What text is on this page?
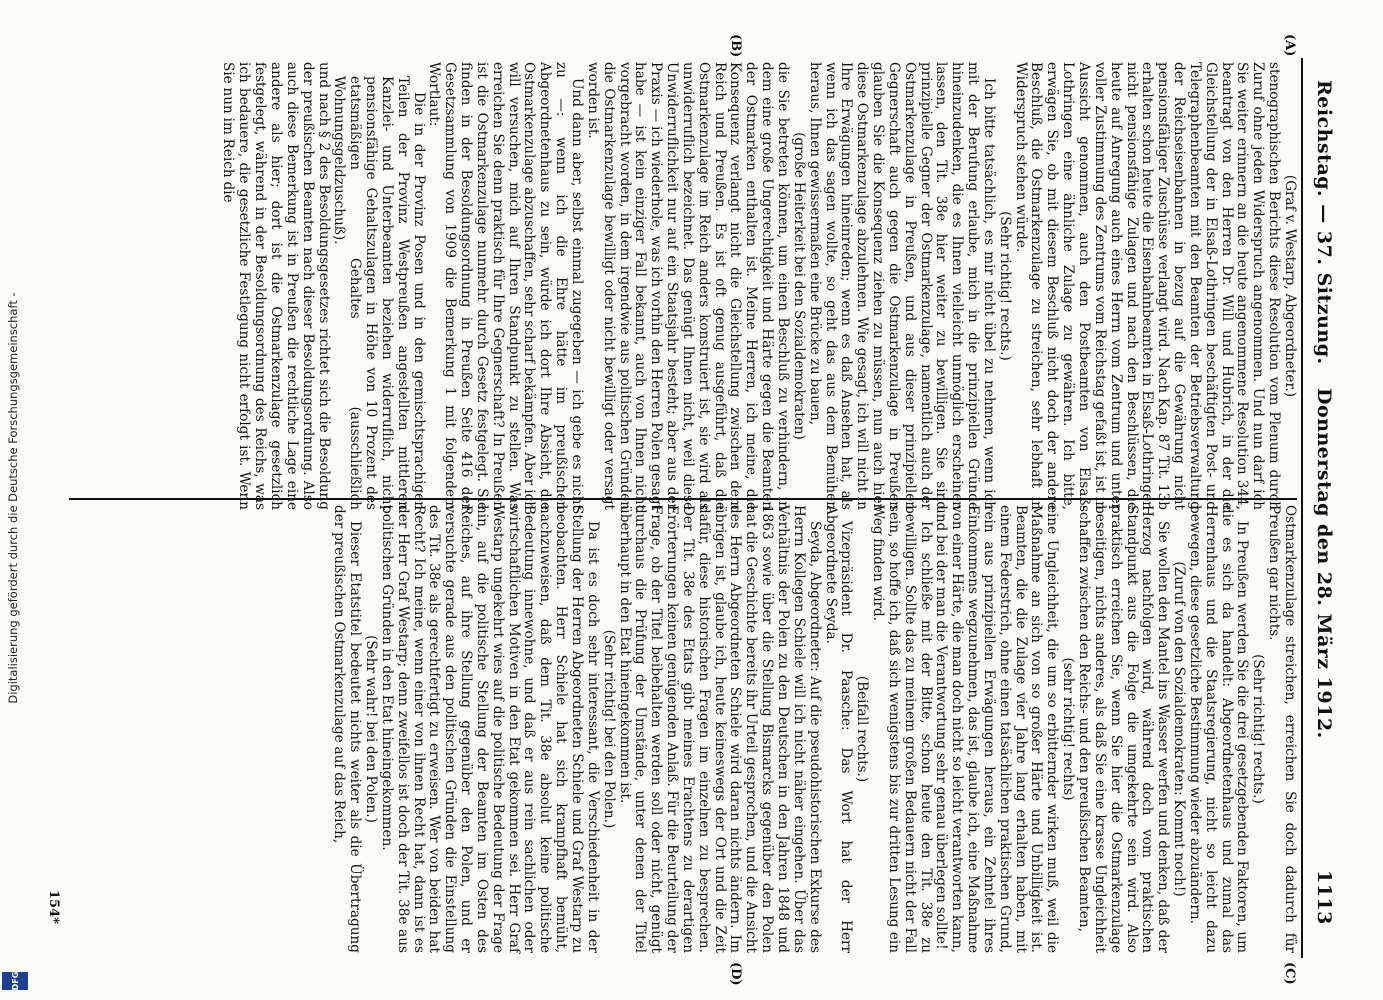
Digitalisierung gefördert durch die Deutsche Forschungsgemeinschaft -
DFG
Reichstag. — 37. Sitzung.
Donnerstag den 28. März 1912.
1113
(A)
(B)
(C)
(D)

(Graf v. Westarp, Abgeordneter.)

stenographischen Berichts diese Resolution vom Plenum durch Zuruf ohne jeden Widerspruch angenommen. Und nun darf ich Sie weiter erinnern an die heute angenommene Resolution 344, beantragt von den Herren Dr. Will und Hubrich, in der die Gleichstellung der in Elsaß-Lothringen beschäftigten Post- und Telegraphenbeamten mit den Beamten der Betriebsverwaltung der Reichseisenbahnen in bezug auf die Gewährung nicht pensionsfähiger Zuschüsse verlangt wird. Nach Kap. 87 Tit. 13b erhalten schon heute die Eisenbahnbeamten in Elsaß-Lothringen nicht pensionsfähige Zulagen und nach den Beschlüssen, die heute auf Anregung auch eines Herrn vom Zentrum und unter voller Zustimmung des Zentrums vom Reichstag gefaßt ist, ist in Aussicht genommen, auch den Postbeamten von Elsaß-Lothringen eine ähnliche Zulage zu gewähren. Ich bitte, erwägen Sie, ob mit diesem Beschluß nicht doch der andere Beschluß, die Ostmarkenzulage zu streichen, sehr lebhaft in Widerspruch stehen würde.

(Sehr richtig! rechts.)

Ich bitte tatsächlich, es mir nicht übel zu nehmen, wenn ich mit der Berufung erlaube, mich in die prinzipiellen Gründe hineinzudenken, die es Ihnen vielleicht unmöglich erscheinen lassen, den Tit. 38e hier weiter zu bewilligen. Sie sind prinzipielle Gegner der Ostmarkenzulage, namentlich auch der Ostmarkenzulage in Preußen, und aus dieser prinzipiellen Gegnerschaft auch gegen die Ostmarkenzulage in Preußen glauben Sie die Konsequenz ziehen zu müssen, nun auch hier diese Ostmarkenzulage abzulehnen. Wie gesagt, ich will nicht in Ihre Erwägungen hineinreden; wenn es daß Ansehen hat, als wenn ich das sagen wollte, so geht das aus dem Bemühen heraus, Ihnen gewissermaßen eine Brücke zu bauen,

(große Heiterkeit bei den Sozialdemokraten)

die Sie betreten können, um einen Beschluß zu verhindern, in dem eine große Ungerechtigkeit und Härte gegen die Beamten der Ostmarken enthalten ist. Meine Herren, ich meine, die Konsequenz verlangt nicht die Gleichstellung zwischen dem Reich und Preußen. Es ist oft genug ausgeführt, daß die Ostmarkenzulage im Reich anders konstruiert ist, sie wird als unwiderruflich bezeichnet. Das genügt Ihnen nicht, weil diese Unwiderruflichkeit nur auf ein Staatsjahr besteht; aber aus der Praxis — ich wiederhole, was ich vorhin den Herren Polen gesagt habe — ist kein einziger Fall bekannt, auch von Ihnen nicht vorgebracht worden, in dem irgendwie aus politischen Gründen die Ostmarkenzulage bewilligt oder nicht bewilligt oder versagt worden ist.

Und dann aber, selbst einmal zugegeben — ich gebe es nicht zu —: wenn ich die Ehre hätte im preußischen Abgeordnetenhaus zu sein, würde ich dort Ihre Absicht, die Ostmarkenzulage abzuschaffen, sehr scharf bekämpfen. Aber ich will versuchen, mich auf Ihren Standpunkt zu stellen. Was erreichen Sie denn praktisch für Ihre Gegnerschaft? In Preußen ist die Ostmarkenzulage nunmehr durch Gesetz festgelegt. Sie finden in der Besoldungsordnung in Preußen Seite 416 der Gesetzsammlung von 1909 die Bemerkung 1 mit folgendem Wortlaut:

Die in der Provinz Posen und in den gemischtsprachigen Teilen der Provinz Westpreußen angestellten mittleren Kanzlei- und Unterbeamten beziehen widerruflich, nicht pensionsfähige Gehaltszulagen in Höhe von 10 Prozent des etatsmäßigen Gehaltes (ausschließlich Wohnungsgeldzuschuß).

und nach § 2 des Besoldungsgesetzes richtet sich die Besoldung der preußischen Beamten nach dieser Besoldungsordnung. Also auch diese Bemerkung ist in Preußen die rechtliche Lage eine andere als hier; dort ist die Ostmarkenzulage gesetzlich festgelegt, während in der Besoldungsordnung des Reichs, was ich bedauere, die gesetzliche Festlegung nicht erfolgt ist. Wenn Sie nun im Reich die

Ostmarkenzulage streichen, erreichen Sie doch dadurch für Preußen gar nichts.

(Sehr richtig! rechts.)

In Preußen werden Sie die drei gesetzgebenden Faktoren, um die es sich da handelt: Abgeordnetenhaus und zumal das Herrenhaus und die Staatsregierung, nicht so leicht dazu bewegen, diese gesetzliche Bestimmung wieder abzuändern.

(Zuruf von den Sozialdemokraten: Kommt noch!)

Sie wollen den Mantel ins Wasser werfen und denken, daß der Herzog nachfolgen wird, während doch vom praktischen Standpunkt aus die Folge die umgekehrte sein wird. Also praktisch erreichen Sie, wenn Sie hier die Ostmarkenzulage beseitigen, nichts anderes, als daß Sie eine krasse Ungleichheit schaffen zwischen den Reichs- und den preußischen Beamten,

(sehr richtig! rechts)

eine Ungleichheit, die um so erbitternder wirken muß, weil die Maßnahme an sich von so großer Härte und Unbilligkeit ist. Beamten, die die Zulage vier Jahre lang erhalten haben, mit einem Federstrich, ohne einen tatsächlichen praktischen Grund, rein aus prinzipiellen Erwägungen heraus, ein Zehntel ihres Einkommens wegzunehmen, das ist, glaube ich, eine Maßnahme von einer Härte, die man doch nicht so leicht verantworten kann, und bei der man die Verantwortung sehr genau überlegen sollte!

Ich schließe mit der Bitte, schon heute den Tit. 38e zu bewilligen. Sollte das zu meinem großen Bedauern nicht der Fall sein, so hoffe ich, daß sich wenigstens bis zur dritten Lesung ein Weg finden wird.

(Beifall rechts.)

Vizepräsident Dr. Paasche: Das Wort hat der Herr Abgeordnete Seyda.

Seyda, Abgeordneter: Auf die pseudohistorischen Exkurse des Herrn Kollegen Schiele will ich nicht näher eingehen. Über das Verhältnis der Polen zu den Deutschen in den Jahren 1848 und 1863 sowie über die Stellung Bismarcks gegenüber den Polen hat die Geschichte bereits ihr Urteil gesprochen, und die Ansicht des Herrn Abgeordneten Schiele wird daran nichts ändern. Im übrigen ist, glaube ich, heute keineswegs der Ort und die Zeit dafür, diese historischen Fragen im einzelnen zu besprechen. Der Tit. 38e des Etats gibt meines Erachtens zu derartigen Erörterungen keinen genügenden Anlaß. Für die Beurteilung der Frage, ob der Titel beibehalten werden soll oder nicht, genügt durchaus die Prüfung der Umstände, unter denen der Titel überhaupt in den Etat hineingekommen ist.

(Sehr richtig! bei den Polen.)

Da ist es doch sehr interessant, die Verschiedenheit in der Stellung der Herren Abgeordneten Schiele und Graf Westarp zu beobachten. Herr Schiele hat sich krampfhaft bemüht, nachzuweisen, daß dem Tit. 38e absolut keine politische Bedeutung innewohne, und daß er aus rein sachlichen oder wirtschaftlichen Motiven in den Etat gekommen sei. Herr Graf Westarp ungekehrt wies auf die politische Bedeutung der Frage hin, auf die politische Stellung der Beamten im Osten des Reiches, auf ihre Stellung gegenüber den Polen, und er versuchte gerade aus den politischen Gründen die Einstellung des Tit. 38e als gerechtfertigt zu erweisen. Wer von beiden hat Recht? Ich meine, wenn einer von ihnen Recht hat, dann ist es der Herr Graf Westarp; denn zweifellos ist doch der Tit. 38e aus politischen Gründen in den Etat hineingekommen.

(Sehr wahr! bei den Polen.)

Dieser Etatstitel bedeutet nichts weiter als die Übertragung der preußischen Ostmarkenzulage auf das Reich,

154*
